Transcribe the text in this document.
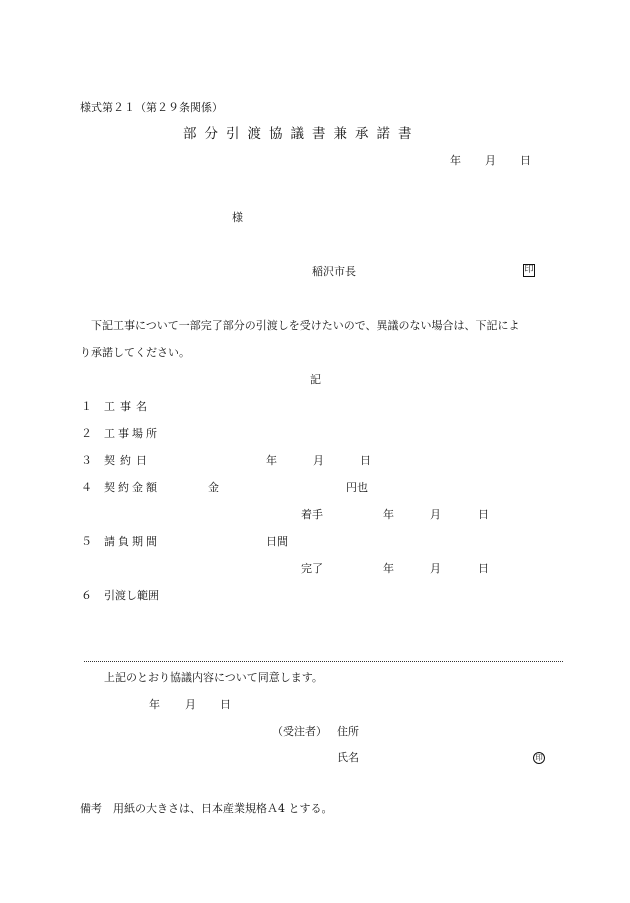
様式第２１（第２９条関係）
部分引渡協議書兼承諾書
年 月 日
様
稲沢市長	印
下記工事について一部完了部分の引渡しを受けたいので、異議のない場合は、下記によ
り承諾してください。
記
１ 工事名
２ 工事場所
３ 契約日	年	月	日
４ 契約金額	金	円也
着手	年	月	日
５ 請負期間	日間
完了	年	月	日
６ 引渡し範囲
上記のとおり協議内容について同意します。
年 月 日
（受注者） 住所
氏名	印
備考　用紙の大きさは、日本産業規格Ａ4 とする。
